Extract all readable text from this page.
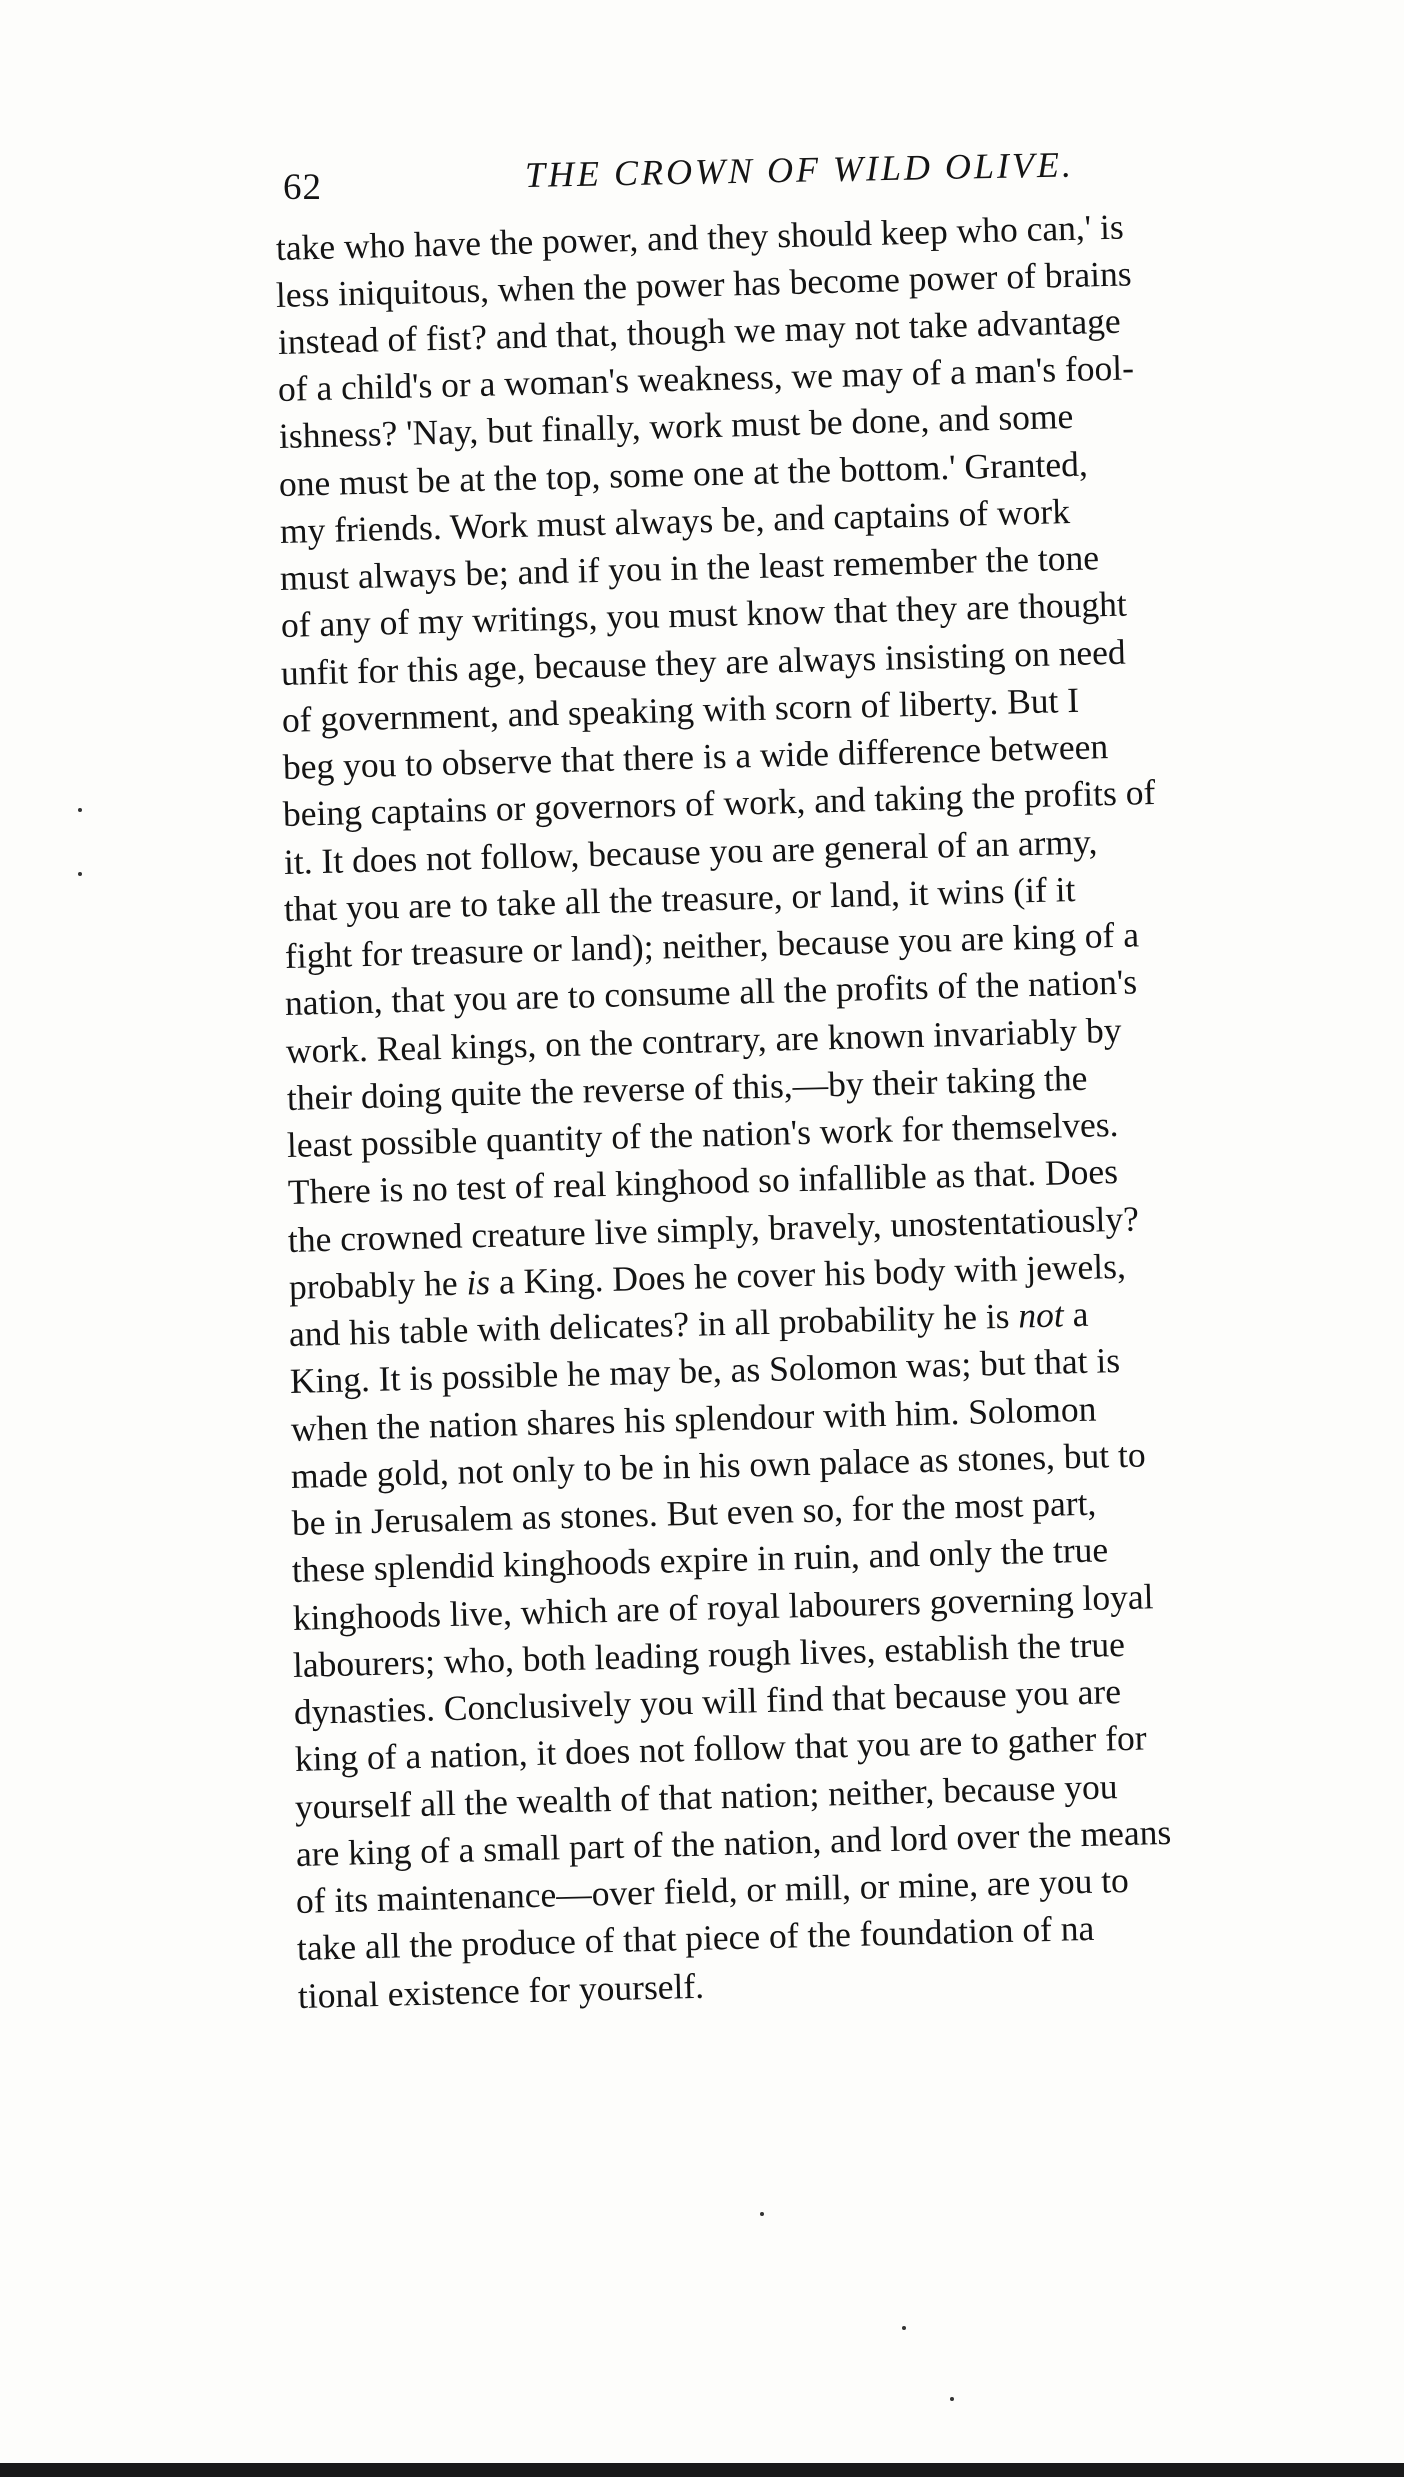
62	THE CROWN OF WILD OLIVE.
take who have the power, and they should keep who can,' is
less iniquitous, when the power has become power of brains
instead of fist? and that, though we may not take advantage
of a child's or a woman's weakness, we may of a man's fool-
ishness? 'Nay, but finally, work must be done, and some
one must be at the top, some one at the bottom.' Granted,
my friends. Work must always be, and captains of work
must always be; and if you in the least remember the tone
of any of my writings, you must know that they are thought
unfit for this age, because they are always insisting on need
of government, and speaking with scorn of liberty. But I
beg you to observe that there is a wide difference between
being captains or governors of work, and taking the profits of
it. It does not follow, because you are general of an army,
that you are to take all the treasure, or land, it wins (if it
fight for treasure or land); neither, because you are king of a
nation, that you are to consume all the profits of the nation's
work. Real kings, on the contrary, are known invariably by
their doing quite the reverse of this,—by their taking the
least possible quantity of the nation's work for themselves.
There is no test of real kinghood so infallible as that. Does
the crowned creature live simply, bravely, unostentatiously?
probably he is a King. Does he cover his body with jewels,
and his table with delicates? in all probability he is not a
King. It is possible he may be, as Solomon was; but that is
when the nation shares his splendour with him. Solomon
made gold, not only to be in his own palace as stones, but to
be in Jerusalem as stones. But even so, for the most part,
these splendid kinghoods expire in ruin, and only the true
kinghoods live, which are of royal labourers governing loyal
labourers; who, both leading rough lives, establish the true
dynasties. Conclusively you will find that because you are
king of a nation, it does not follow that you are to gather for
yourself all the wealth of that nation; neither, because you
are king of a small part of the nation, and lord over the means
of its maintenance—over field, or mill, or mine, are you to
take all the produce of that piece of the foundation of na
tional existence for yourself.
